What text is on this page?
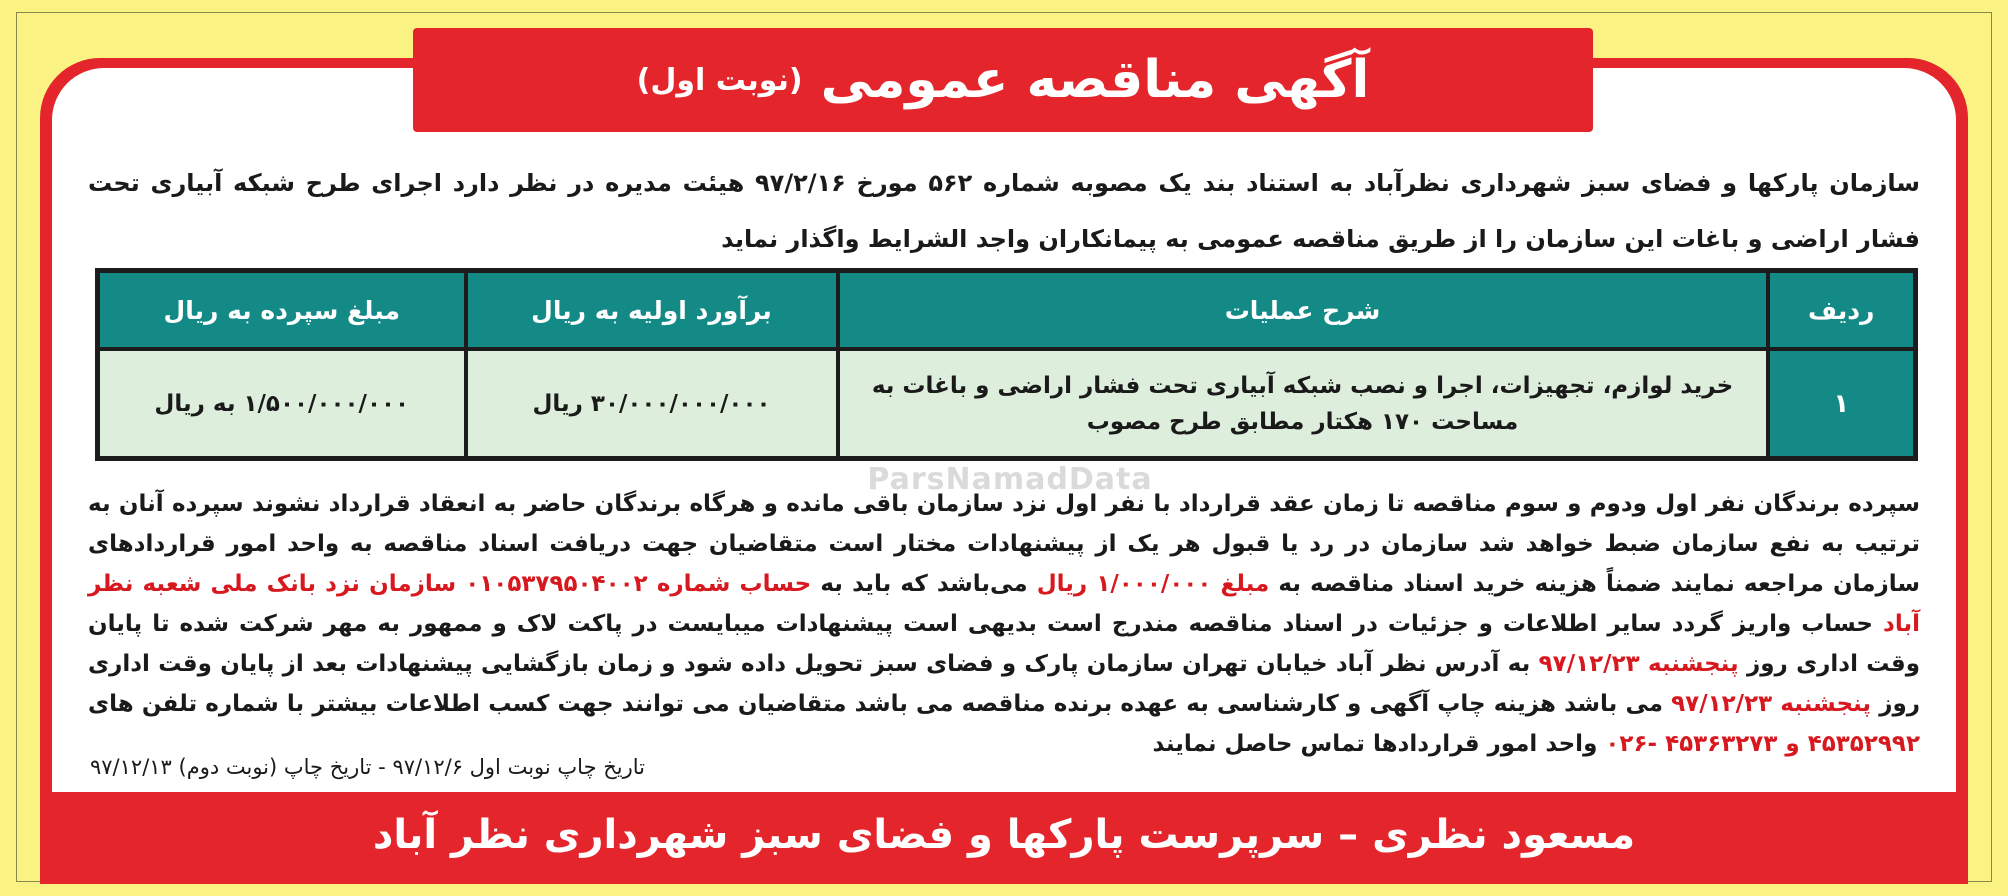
آگهی مناقصه عمومی
(نوبت اول)
سازمان پارکها و فضای سبز شهرداری نظرآباد به استناد بند یک مصوبه شماره ۵۶۲ مورخ ۹۷/۲/۱۶ هیئت مدیره در نظر دارد اجرای طرح شبکه آبیاری تحت فشار اراضی و باغات این سازمان را از طریق مناقصه عمومی به پیمانکاران واجد الشرایط واگذار نماید
ردیف	شرح عملیات	برآورد اولیه به ریال	مبلغ سپرده به ریال
۱	خرید لوازم، تجهیزات، اجرا و نصب شبکه آبیاری تحت فشار اراضی و باغات به مساحت ۱۷۰ هکتار مطابق طرح مصوب	۳۰/۰۰۰/۰۰۰/۰۰۰ ریال	۱/۵۰۰/۰۰۰/۰۰۰ به ریال
ParsNamadData
سپرده برندگان نفر اول ودوم و سوم مناقصه تا زمان عقد قرارداد با نفر اول نزد سازمان باقی مانده و هرگاه برندگان حاضر به انعقاد قرارداد نشوند سپرده آنان به ترتیب به نفع سازمان ضبط خواهد شد سازمان در رد یا قبول هر یک از پیشنهادات مختار است متقاضیان جهت دریافت اسناد مناقصه به واحد امور قراردادهای سازمان مراجعه نمایند ضمناً هزینه خرید اسناد مناقصه به مبلغ ۱/۰۰۰/۰۰۰ ریال می‌باشد که باید به حساب شماره ۰۱۰۵۳۷۹۵۰۴۰۰۲ سازمان نزد بانک ملی شعبه نظر آباد حساب واریز گردد سایر اطلاعات و جزئیات در اسناد مناقصه مندرج است بدیهی است پیشنهادات میبایست در پاکت لاک و ممهور به مهر شرکت شده تا پایان وقت اداری روز پنجشنبه ۹۷/۱۲/۲۳ به آدرس نظر آباد خیابان تهران سازمان پارک و فضای سبز تحویل داده شود و زمان بازگشایی پیشنهادات بعد از پایان وقت اداری روز پنجشنبه ۹۷/۱۲/۲۳ می باشد هزینه چاپ آگهی و کارشناسی به عهده برنده مناقصه می باشد متقاضیان می توانند جهت کسب اطلاعات بیشتر با شماره تلفن های ۴۵۳۵۲۹۹۲ و ۴۵۳۶۳۲۷۳ -۰۲۶ واحد امور قراردادها تماس حاصل نمایند
تاریخ چاپ نوبت اول ۹۷/۱۲/۶ - تاریخ چاپ (نوبت دوم) ۹۷/۱۲/۱۳
مسعود نظری – سرپرست پارکها و فضای سبز شهرداری نظر آباد
